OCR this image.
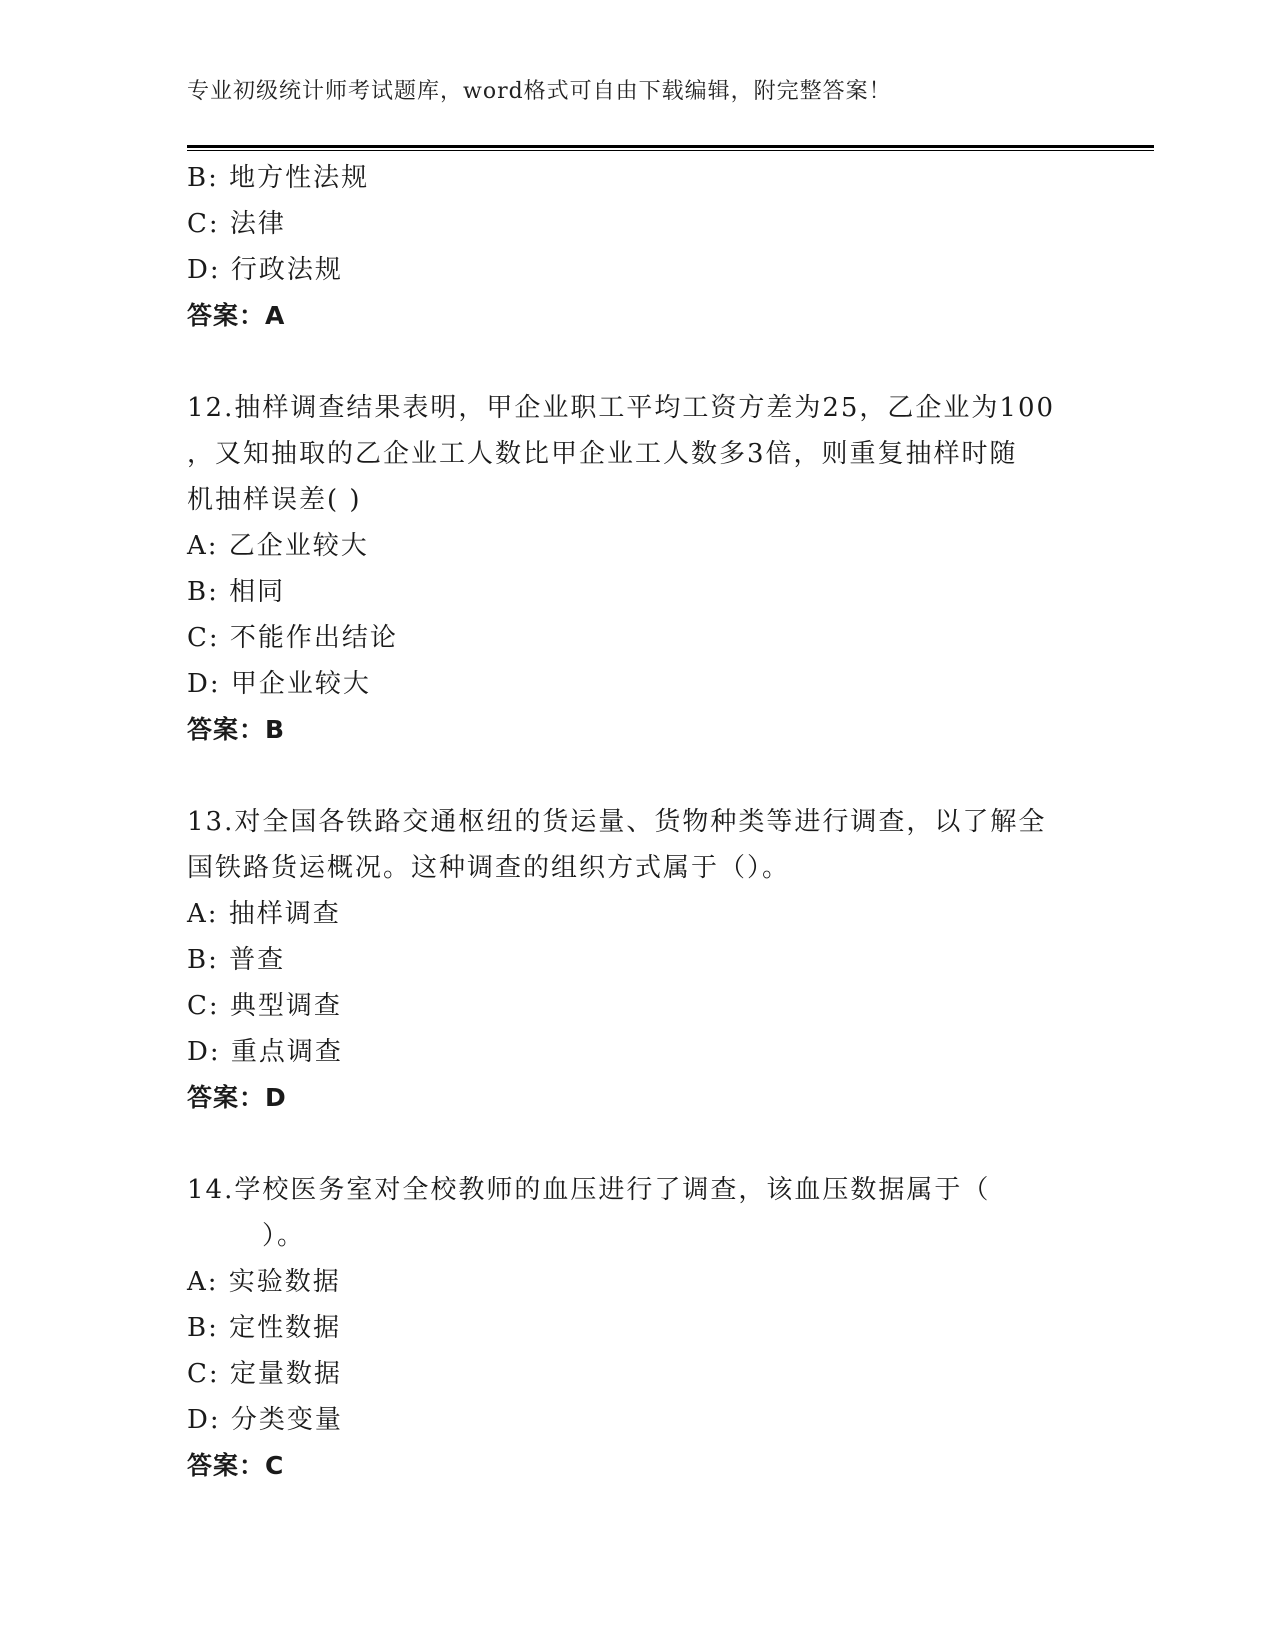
专业初级统计师考试题库，word格式可自由下载编辑，附完整答案！
B: 地方性法规
C: 法律
D: 行政法规
答案：A
12.抽样调查结果表明，甲企业职工平均工资方差为25，乙企业为100
，又知抽取的乙企业工人数比甲企业工人数多3倍，则重复抽样时随
机抽样误差( )
A: 乙企业较大
B: 相同
C: 不能作出结论
D: 甲企业较大
答案：B
13.对全国各铁路交通枢纽的货运量、货物种类等进行调查，以了解全
国铁路货运概况。这种调查的组织方式属于（）。
A: 抽样调查
B: 普查
C: 典型调查
D: 重点调查
答案：D
14.学校医务室对全校教师的血压进行了调查，该血压数据属于（
）。
A: 实验数据
B: 定性数据
C: 定量数据
D: 分类变量
答案：C
